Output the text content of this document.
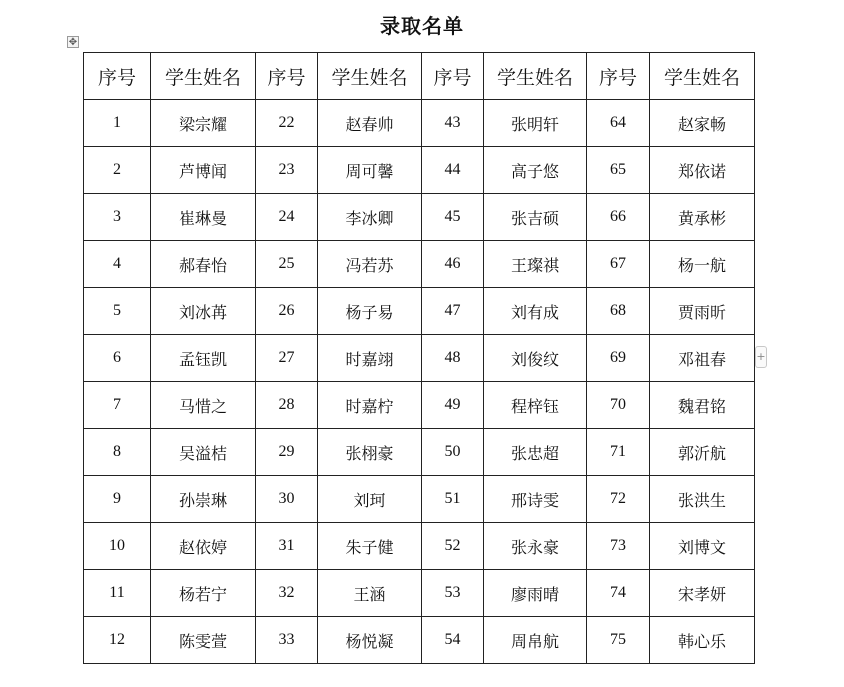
录取名单
✥
序号	学生姓名	序号	学生姓名	序号	学生姓名	序号	学生姓名
1	梁宗耀	22	赵春帅	43	张明轩	64	赵家畅
2	芦博闻	23	周可馨	44	高子悠	65	郑依诺
3	崔琳曼	24	李冰卿	45	张吉硕	66	黄承彬
4	郝春怡	25	冯若苏	46	王璨祺	67	杨一航
5	刘冰苒	26	杨子易	47	刘有成	68	贾雨昕
6	孟钰凯	27	时嘉翊	48	刘俊纹	69	邓祖春
7	马惜之	28	时嘉柠	49	程梓钰	70	魏君铭
8	吴溢桔	29	张栩豪	50	张忠超	71	郭沂航
9	孙崇琳	30	刘珂	51	邢诗雯	72	张洪生
10	赵依婷	31	朱子健	52	张永豪	73	刘博文
11	杨若宁	32	王涵	53	廖雨晴	74	宋孝妍
12	陈雯萱	33	杨悦凝	54	周帛航	75	韩心乐
+
